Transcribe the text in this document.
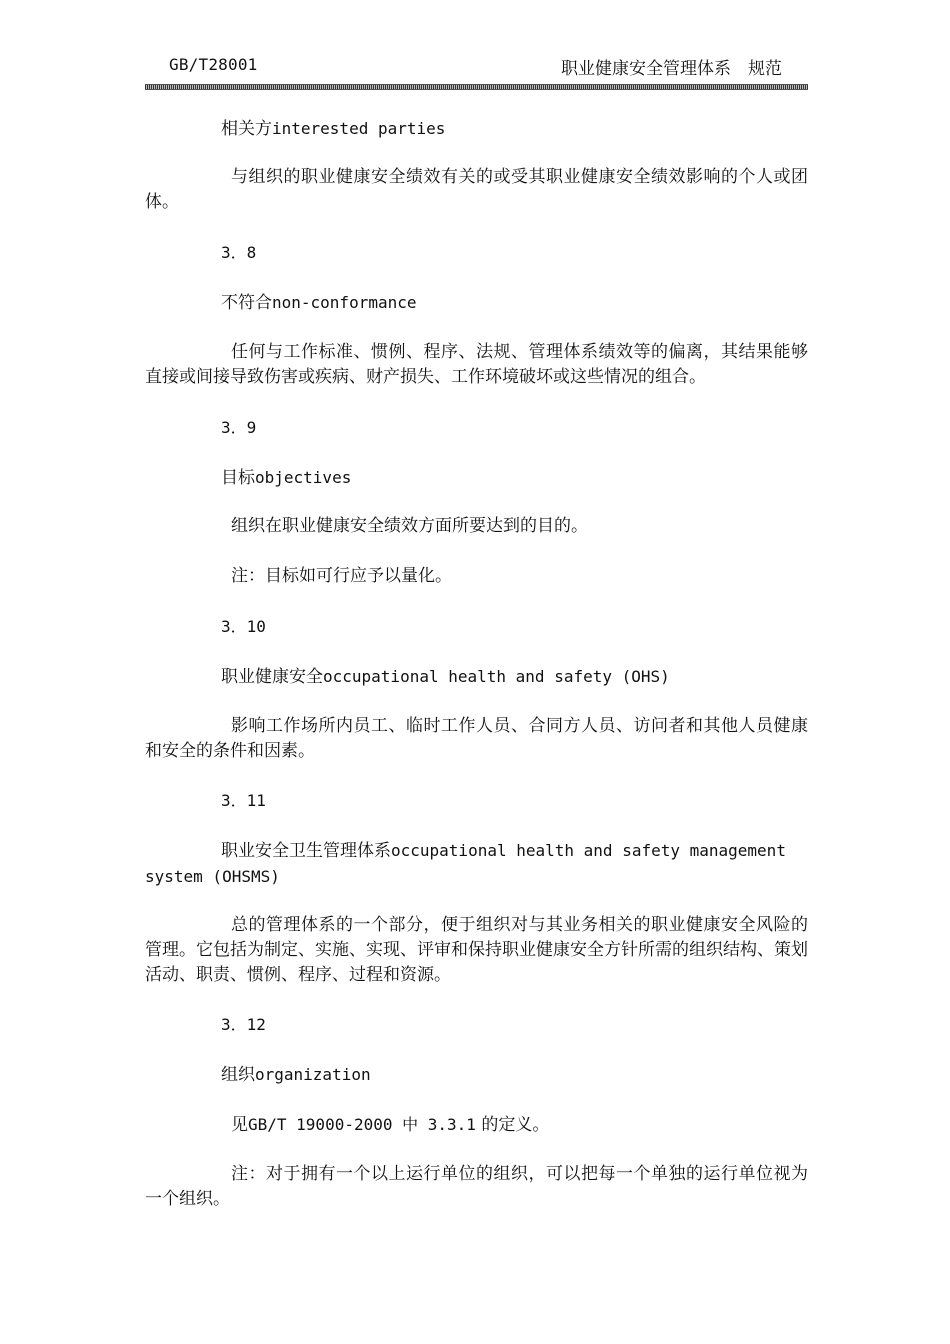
GB/T28001	职业健康安全管理体系　规范
相关方interested parties
与组织的职业健康安全绩效有关的或受其职业健康安全绩效影响的个人或团体。
3．8
不符合non-conformance
任何与工作标准、惯例、程序、法规、管理体系绩效等的偏离，其结果能够直接或间接导致伤害或疾病、财产损失、工作环境破坏或这些情况的组合。
3．9
目标objectives
组织在职业健康安全绩效方面所要达到的目的。
注：目标如可行应予以量化。
3．10
职业健康安全occupational health and safety (OHS)
影响工作场所内员工、临时工作人员、合同方人员、访问者和其他人员健康和安全的条件和因素。
3．11
职业安全卫生管理体系occupational health and safety management system (OHSMS)
总的管理体系的一个部分，便于组织对与其业务相关的职业健康安全风险的管理。它包括为制定、实施、实现、评审和保持职业健康安全方针所需的组织结构、策划活动、职责、惯例、程序、过程和资源。
3．12
组织organization
见GB/T 19000-2000 中 3.3.1 的定义。
注：对于拥有一个以上运行单位的组织，可以把每一个单独的运行单位视为一个组织。
